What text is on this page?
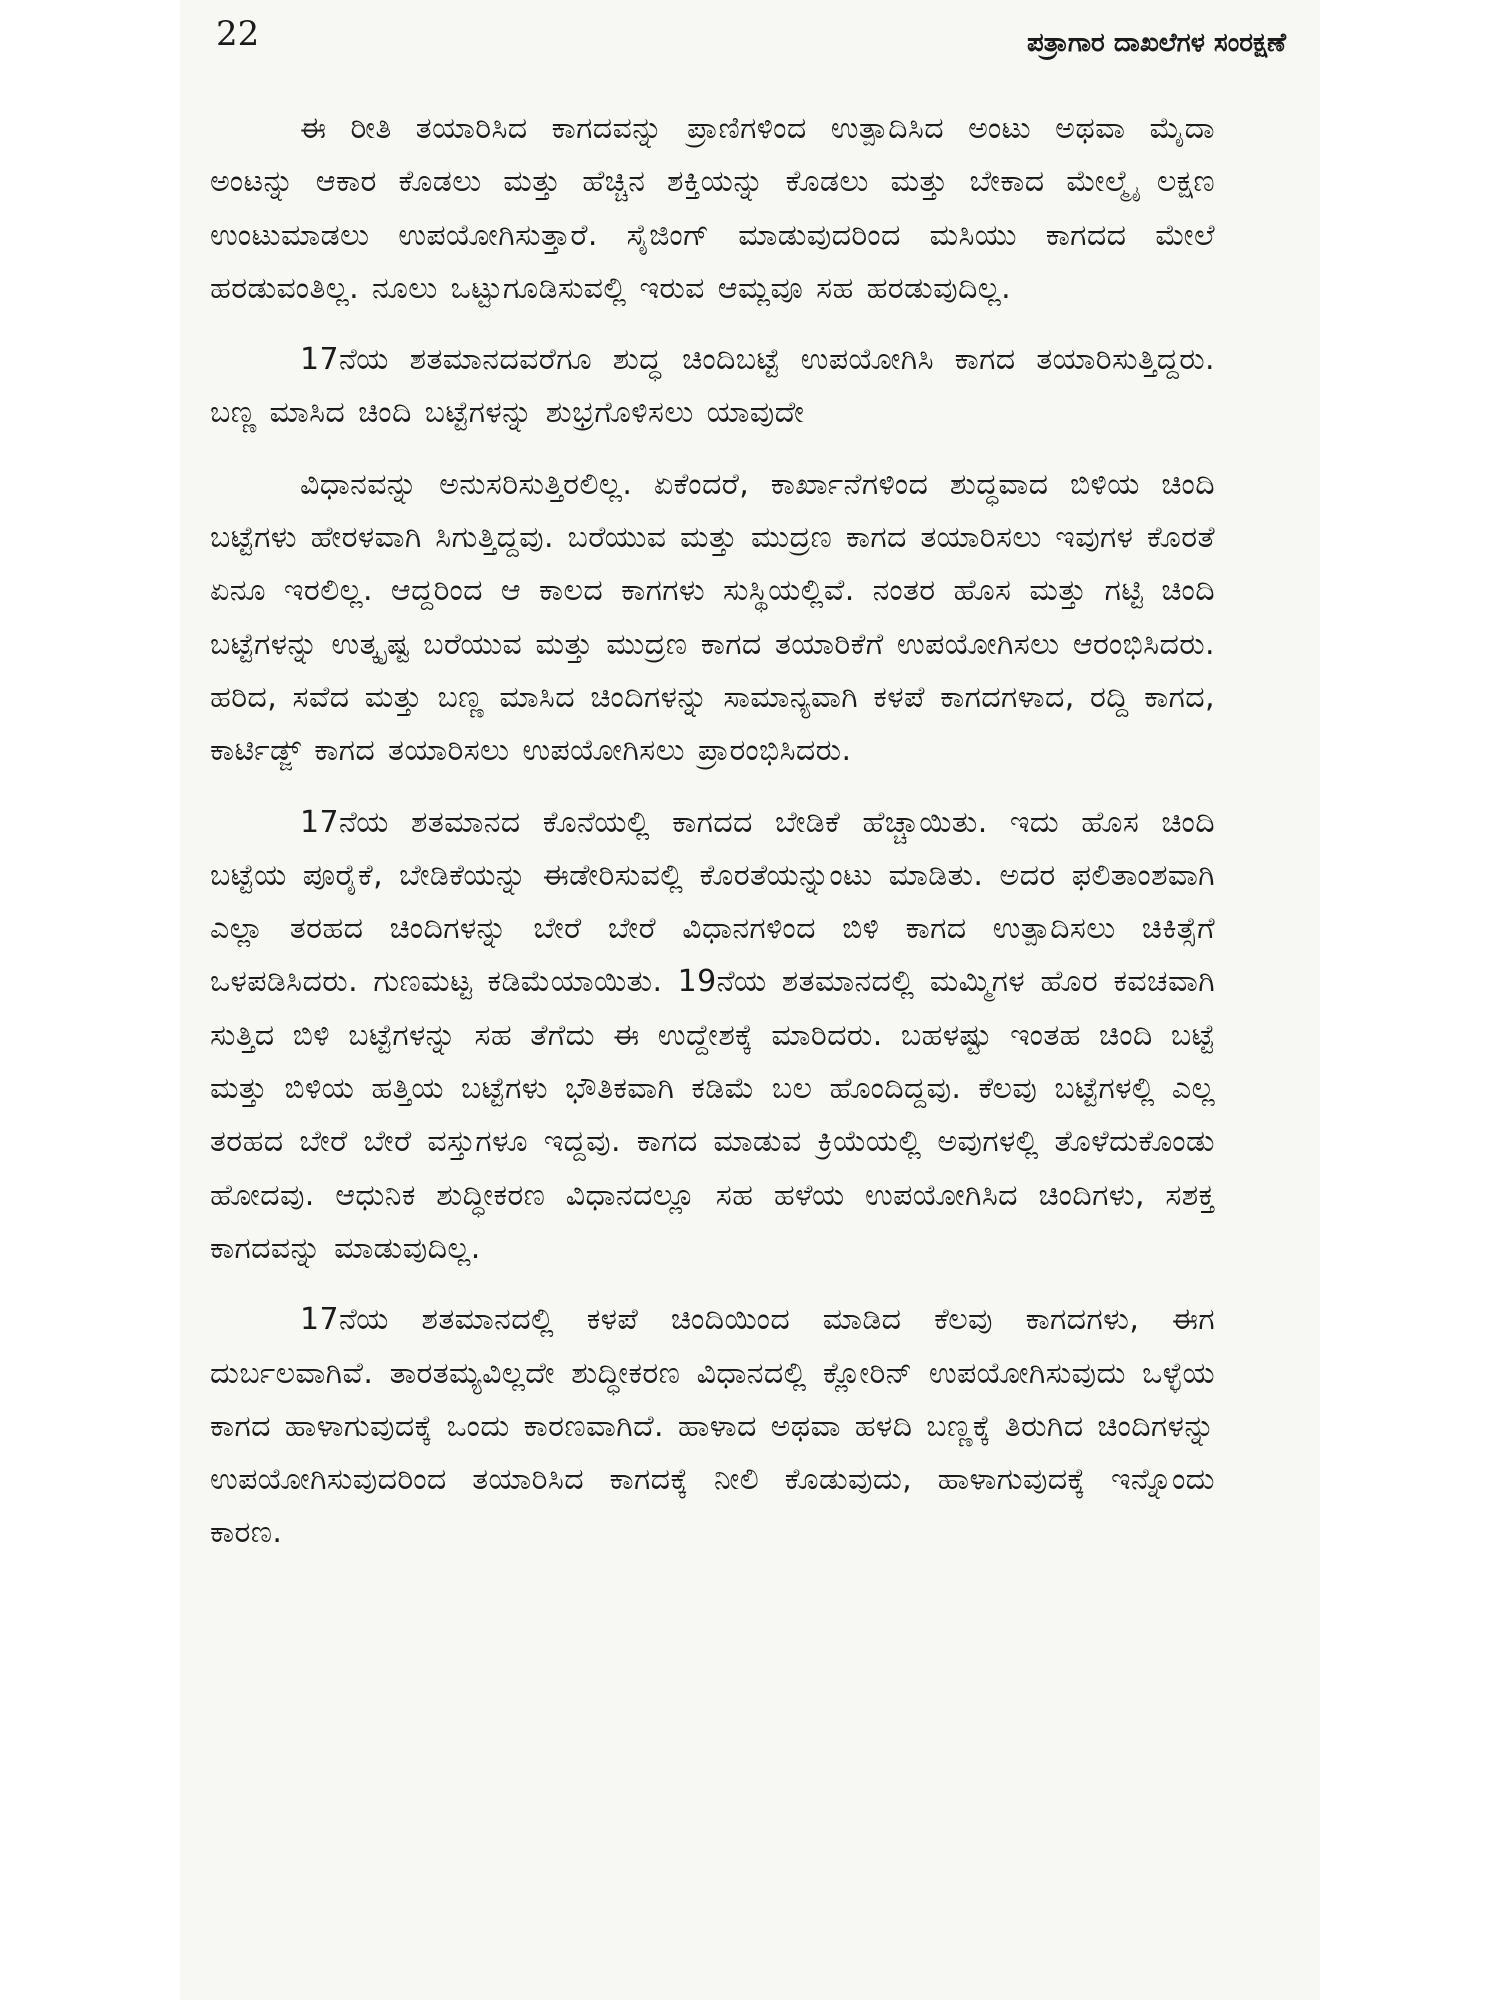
22	ಪತ್ರಾಗಾರ ದಾಖಲೆಗಳ ಸಂರಕ್ಷಣೆ

ಈ ರೀತಿ ತಯಾರಿಸಿದ ಕಾಗದವನ್ನು ಪ್ರಾಣಿಗಳಿಂದ ಉತ್ಪಾದಿಸಿದ ಅಂಟು ಅಥವಾ ಮೈದಾ ಅಂಟನ್ನು ಆಕಾರ ಕೊಡಲು ಮತ್ತು ಹೆಚ್ಚಿನ ಶಕ್ತಿಯನ್ನು ಕೊಡಲು ಮತ್ತು ಬೇಕಾದ ಮೇಲ್ಮೈ ಲಕ್ಷಣ ಉಂಟುಮಾಡಲು ಉಪಯೋಗಿಸುತ್ತಾರೆ. ಸೈಜಿಂಗ್ ಮಾಡುವುದರಿಂದ ಮಸಿಯು ಕಾಗದದ ಮೇಲೆ ಹರಡುವಂತಿಲ್ಲ. ನೂಲು ಒಟ್ಟುಗೂಡಿಸುವಲ್ಲಿ ಇರುವ ಆಮ್ಲವೂ ಸಹ ಹರಡುವುದಿಲ್ಲ.

17ನೆಯ ಶತಮಾನದವರೆಗೂ ಶುದ್ಧ ಚಿಂದಿಬಟ್ಟೆ ಉಪಯೋಗಿಸಿ ಕಾಗದ ತಯಾರಿಸುತ್ತಿದ್ದರು. ಬಣ್ಣ ಮಾಸಿದ ಚಿಂದಿ ಬಟ್ಟೆಗಳನ್ನು ಶುಭ್ರಗೊಳಿಸಲು ಯಾವುದೇ

ವಿಧಾನವನ್ನು ಅನುಸರಿಸುತ್ತಿರಲಿಲ್ಲ. ಏಕೆಂದರೆ, ಕಾರ್ಖಾನೆಗಳಿಂದ ಶುದ್ಧವಾದ ಬಿಳಿಯ ಚಿಂದಿ ಬಟ್ಟೆಗಳು ಹೇರಳವಾಗಿ ಸಿಗುತ್ತಿದ್ದವು. ಬರೆಯುವ ಮತ್ತು ಮುದ್ರಣ ಕಾಗದ ತಯಾರಿಸಲು ಇವುಗಳ ಕೊರತೆ ಏನೂ ಇರಲಿಲ್ಲ. ಆದ್ದರಿಂದ ಆ ಕಾಲದ ಕಾಗಗಳು ಸುಸ್ಥಿಯಲ್ಲಿವೆ. ನಂತರ ಹೊಸ ಮತ್ತು ಗಟ್ಟಿ ಚಿಂದಿ ಬಟ್ಟೆಗಳನ್ನು ಉತ್ಕೃಷ್ಟ ಬರೆಯುವ ಮತ್ತು ಮುದ್ರಣ ಕಾಗದ ತಯಾರಿಕೆಗೆ ಉಪಯೋಗಿಸಲು ಆರಂಭಿಸಿದರು. ಹರಿದ, ಸವೆದ ಮತ್ತು ಬಣ್ಣ ಮಾಸಿದ ಚಿಂದಿಗಳನ್ನು ಸಾಮಾನ್ಯವಾಗಿ ಕಳಪೆ ಕಾಗದಗಳಾದ, ರದ್ದಿ ಕಾಗದ, ಕಾರ್ಟಿಡ್ಜ್ ಕಾಗದ ತಯಾರಿಸಲು ಉಪಯೋಗಿಸಲು ಪ್ರಾರಂಭಿಸಿದರು.

17ನೆಯ ಶತಮಾನದ ಕೊನೆಯಲ್ಲಿ ಕಾಗದದ ಬೇಡಿಕೆ ಹೆಚ್ಚಾಯಿತು. ಇದು ಹೊಸ ಚಿಂದಿ ಬಟ್ಟೆಯ ಪೂರೈಕೆ, ಬೇಡಿಕೆಯನ್ನು ಈಡೇರಿಸುವಲ್ಲಿ ಕೊರತೆಯನ್ನುಂಟು ಮಾಡಿತು. ಅದರ ಫಲಿತಾಂಶವಾಗಿ ಎಲ್ಲಾ ತರಹದ ಚಿಂದಿಗಳನ್ನು ಬೇರೆ ಬೇರೆ ವಿಧಾನಗಳಿಂದ ಬಿಳಿ ಕಾಗದ ಉತ್ಪಾದಿಸಲು ಚಿಕಿತ್ಸೆಗೆ ಒಳಪಡಿಸಿದರು. ಗುಣಮಟ್ಟ ಕಡಿಮೆಯಾಯಿತು. 19ನೆಯ ಶತಮಾನದಲ್ಲಿ ಮಮ್ಮಿಗಳ ಹೊರ ಕವಚವಾಗಿ ಸುತ್ತಿದ ಬಿಳಿ ಬಟ್ಟೆಗಳನ್ನು ಸಹ ತೆಗೆದು ಈ ಉದ್ದೇಶಕ್ಕೆ ಮಾರಿದರು. ಬಹಳಷ್ಟು ಇಂತಹ ಚಿಂದಿ ಬಟ್ಟೆ ಮತ್ತು ಬಿಳಿಯ ಹತ್ತಿಯ ಬಟ್ಟೆಗಳು ಭೌತಿಕವಾಗಿ ಕಡಿಮೆ ಬಲ ಹೊಂದಿದ್ದವು. ಕೆಲವು ಬಟ್ಟೆಗಳಲ್ಲಿ ಎಲ್ಲ ತರಹದ ಬೇರೆ ಬೇರೆ ವಸ್ತುಗಳೂ ಇದ್ದವು. ಕಾಗದ ಮಾಡುವ ಕ್ರಿಯೆಯಲ್ಲಿ ಅವುಗಳಲ್ಲಿ ತೊಳೆದುಕೊಂಡು ಹೋದವು. ಆಧುನಿಕ ಶುದ್ಧೀಕರಣ ವಿಧಾನದಲ್ಲೂ ಸಹ ಹಳೆಯ ಉಪಯೋಗಿಸಿದ ಚಿಂದಿಗಳು, ಸಶಕ್ತ ಕಾಗದವನ್ನು ಮಾಡುವುದಿಲ್ಲ.

17ನೆಯ ಶತಮಾನದಲ್ಲಿ ಕಳಪೆ ಚಿಂದಿಯಿಂದ ಮಾಡಿದ ಕೆಲವು ಕಾಗದಗಳು, ಈಗ ದುರ್ಬಲವಾಗಿವೆ. ತಾರತಮ್ಯವಿಲ್ಲದೇ ಶುದ್ಧೀಕರಣ ವಿಧಾನದಲ್ಲಿ ಕ್ಲೋರಿನ್ ಉಪಯೋಗಿಸುವುದು ಒಳ್ಳೆಯ ಕಾಗದ ಹಾಳಾಗುವುದಕ್ಕೆ ಒಂದು ಕಾರಣವಾಗಿದೆ. ಹಾಳಾದ ಅಥವಾ ಹಳದಿ ಬಣ್ಣಕ್ಕೆ ತಿರುಗಿದ ಚಿಂದಿಗಳನ್ನು ಉಪಯೋಗಿಸುವುದರಿಂದ ತಯಾರಿಸಿದ ಕಾಗದಕ್ಕೆ ನೀಲಿ ಕೊಡುವುದು, ಹಾಳಾಗುವುದಕ್ಕೆ ಇನ್ನೊಂದು ಕಾರಣ.
